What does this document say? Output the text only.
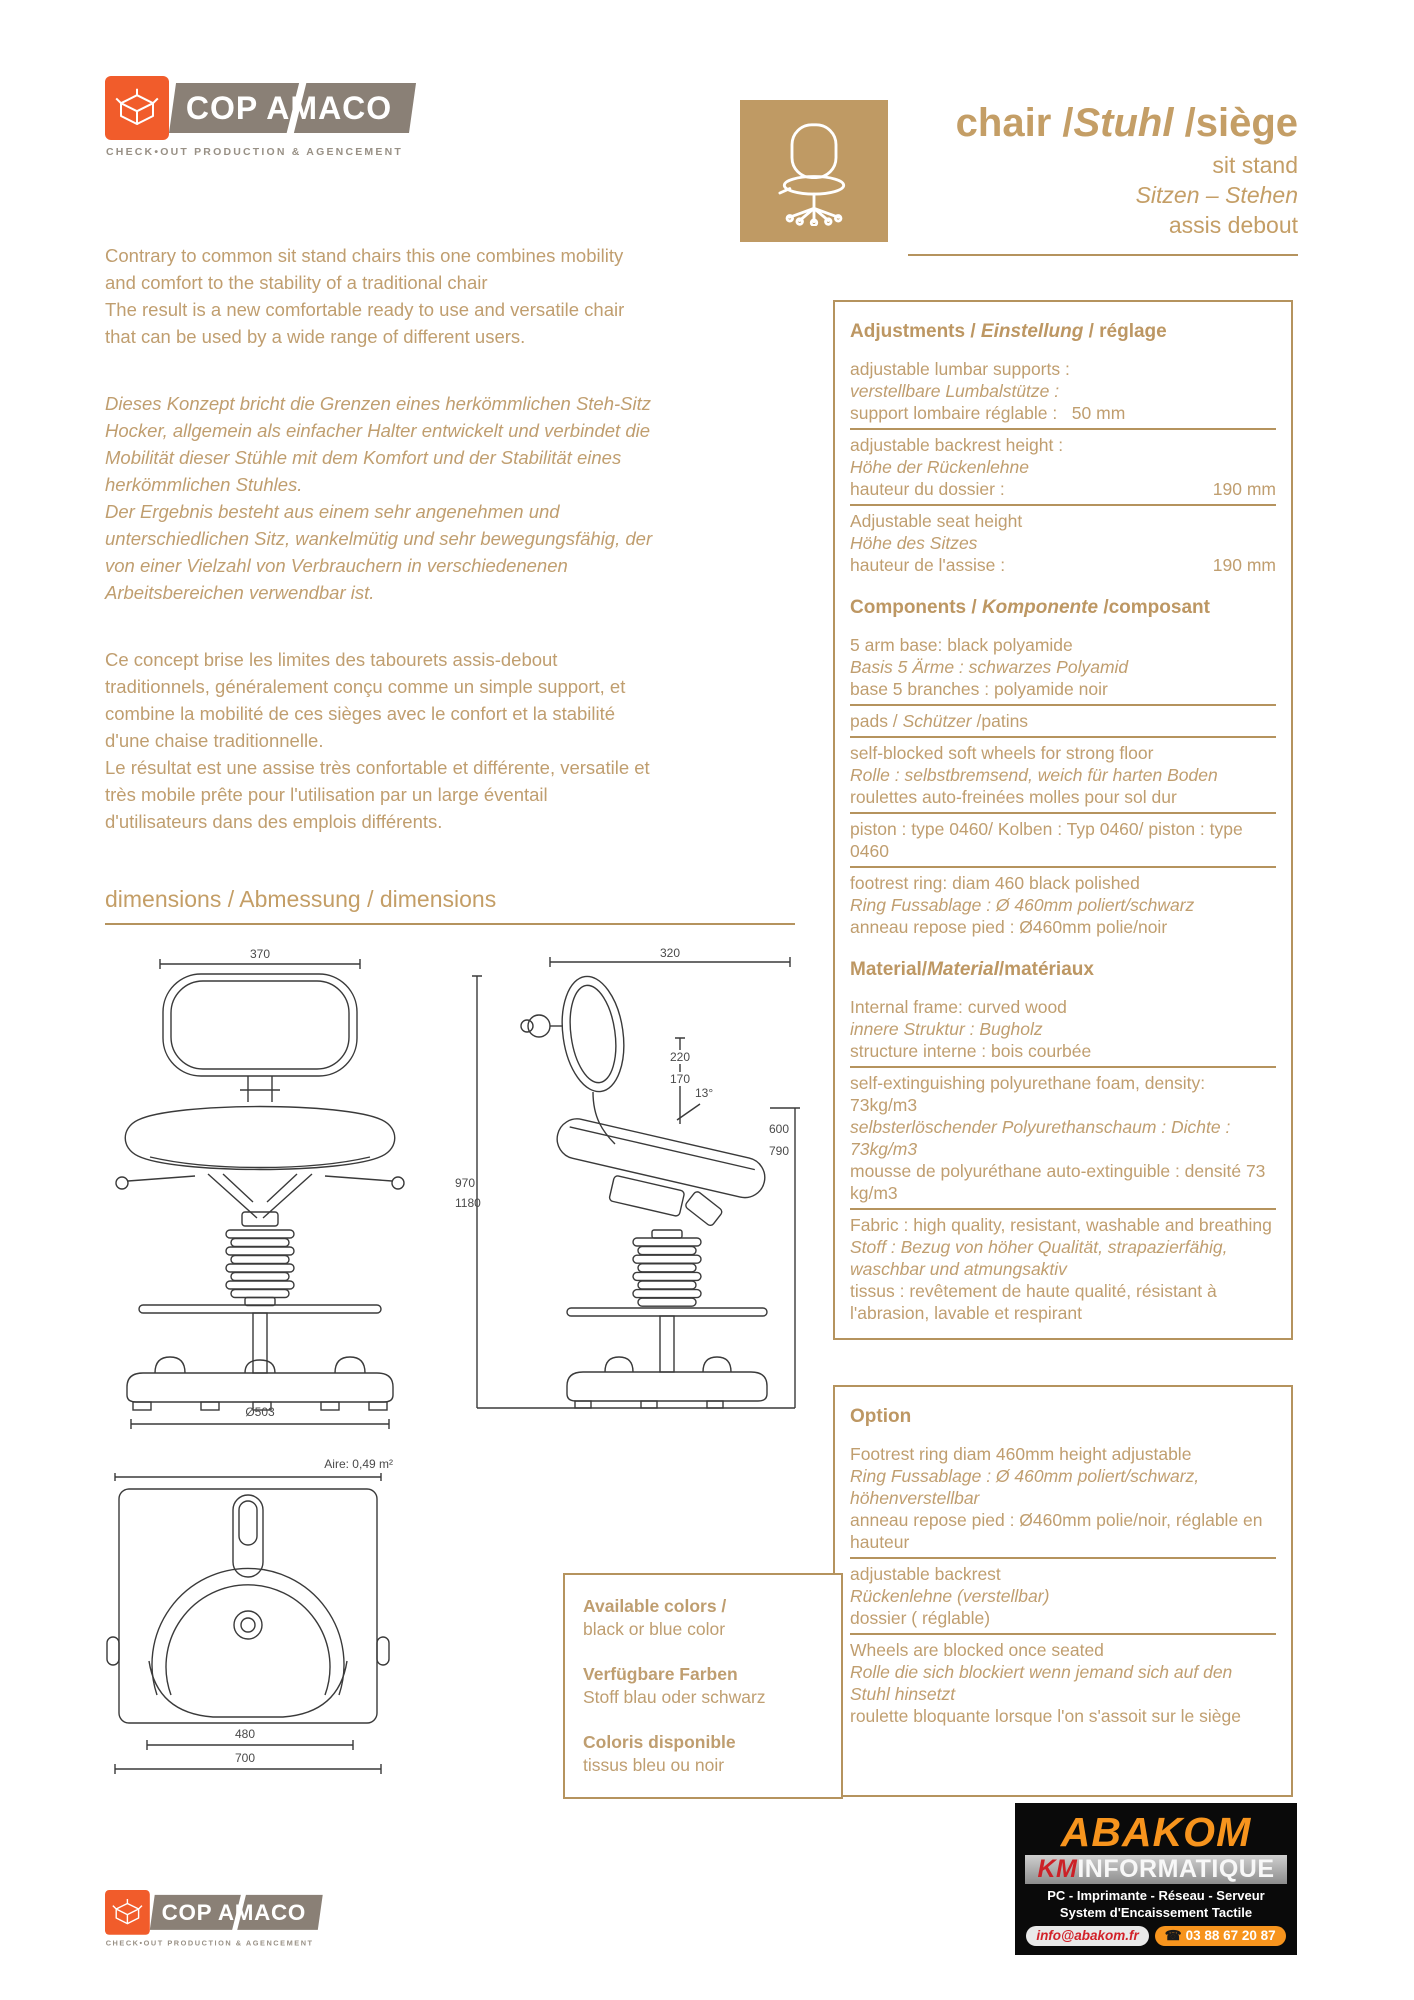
COP AMACO
CHECK•OUT PRODUCTION & AGENCEMENT
chair /Stuhl /siège
sit stand
Sitzen – Stehen
assis debout

Contrary to common sit stand chairs this one combines mobility and comfort to the stability of a traditional chair

The result is a new comfortable ready to use and versatile chair that can be used by a wide range of different users.

Dieses Konzept bricht die Grenzen eines herkömmlichen Steh-Sitz Hocker, allgemein als einfacher Halter entwickelt und verbindet die Mobilität dieser Stühle mit dem Komfort und der Stabilität eines herkömmlichen Stuhles.

Der Ergebnis besteht aus einem sehr angenehmen und unterschiedlichen Sitz, wankelmütig und sehr bewegungsfähig, der von einer Vielzahl von Verbrauchern in verschiedenenen Arbeitsbereichen verwendbar ist.

Ce concept brise les limites des tabourets assis-debout traditionnels, généralement conçu comme un simple support, et combine la mobilité de ces sièges avec le confort et la stabilité d'une chaise traditionnelle.

Le résultat est une assise très confortable et différente, versatile et très mobile prête pour l'utilisation par un large éventail d'utilisateurs dans des emplois différents.

dimensions / Abmessung / dimensions
370
Ø503
320
970
1180
220
170
13°
600
790
Aire: 0,49 m²
480
700
Adjustments / Einstellung / réglage
adjustable lumbar supports :
verstellbare Lumbalstütze :
support lombaire réglable :   50 mm
adjustable backrest height :
Höhe der Rückenlehne
hauteur du dossier :	190 mm
Adjustable seat height
Höhe des Sitzes
hauteur de l'assise :	190 mm
Components / Komponente /composant
5 arm base: black polyamide
Basis 5 Ärme : schwarzes Polyamid
base 5 branches : polyamide noir
pads / Schützer /patins
self-blocked soft wheels for strong floor
Rolle : selbstbremsend, weich für harten Boden
roulettes auto-freinées molles pour sol dur
piston : type 0460/ Kolben : Typ 0460/ piston : type 0460
footrest ring: diam 460 black polished
Ring Fussablage : Ø 460mm poliert/schwarz
anneau repose pied : Ø460mm polie/noir
Material/Material/matériaux
Internal frame: curved wood
innere Struktur : Bugholz
structure interne : bois courbée
self-extinguishing polyurethane foam, density: 73kg/m3
selbsterlöschender Polyurethanschaum : Dichte : 73kg/m3
mousse de polyuréthane auto-extinguible : densité 73 kg/m3
Fabric : high quality, resistant, washable and breathing
Stoff : Bezug von höher Qualität, strapazierfähig, waschbar und atmungsaktiv
tissus : revêtement de haute qualité, résistant à l'abrasion, lavable et respirant
Option
Footrest ring diam 460mm height adjustable
Ring Fussablage : Ø 460mm poliert/schwarz, höhenverstellbar
anneau repose pied : Ø460mm polie/noir, réglable en hauteur
adjustable backrest
Rückenlehne (verstellbar)
dossier ( réglable)
Wheels are blocked once seated
Rolle die sich blockiert wenn jemand sich auf den Stuhl hinsetzt
roulette bloquante lorsque l'on s'assoit sur le siège
Available colors /
black or blue color
Verfügbare Farben
Stoff blau oder schwarz
Coloris disponible
tissus bleu ou noir
ABAKOM
KMINFORMATIQUE
PC - Imprimante - Réseau - Serveur
System d'Encaissement Tactile
info@abakom.fr	☎ 03 88 67 20 87
COP AMACO
CHECK•OUT PRODUCTION & AGENCEMENT
